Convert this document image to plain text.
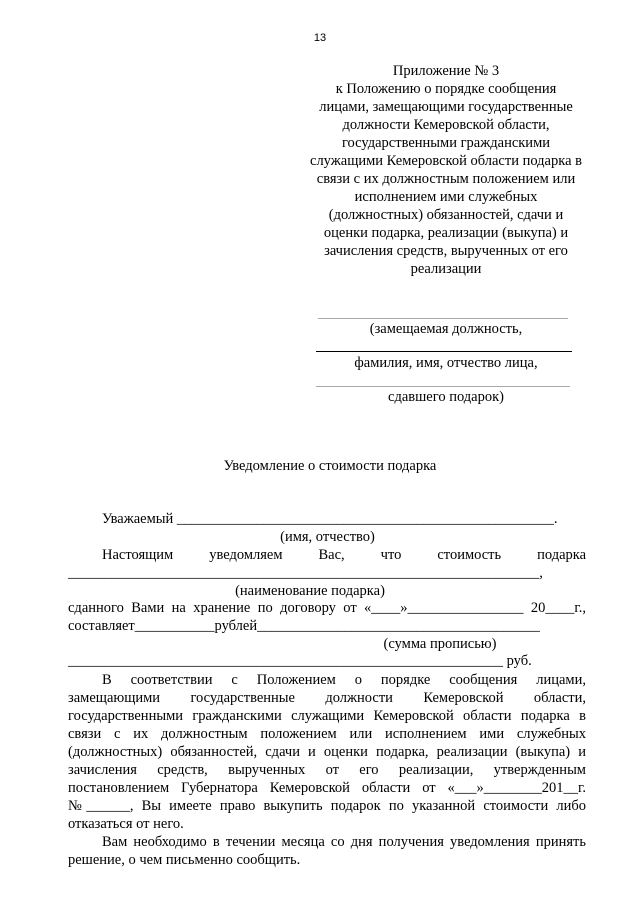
13
Приложение № 3
к Положению о порядке сообщения
лицами, замещающими государственные
должности Кемеровской области,
государственными гражданскими
служащими Кемеровской области подарка в
связи с их должностным положением или
исполнением ими служебных
(должностных) обязанностей, сдачи и
оценки подарка, реализации (выкупа) и
зачисления средств, вырученных от его
реализации
(замещаемая должность,
фамилия, имя, отчество лица,
сдавшего подарок)
Уведомление о стоимости подарка
Уважаемый ____________________________________________________.
(имя, отчество)
Настоящим уведомляем Вас, что стоимость подарка
_________________________________________________________________,
(наименование подарка)
сданного Вами на хранение по договору от «____»________________ 20____г.,
составляет___________рублей_______________________________________
(сумма прописью)
____________________________________________________________ руб.
В соответствии с Положением о порядке сообщения лицами,
замещающими государственные должности Кемеровской области,
государственными гражданскими служащими Кемеровской области подарка в
связи с их должностным положением или исполнением ими служебных
(должностных) обязанностей, сдачи и оценки подарка, реализации (выкупа) и
зачисления средств, вырученных от его реализации, утвержденным
постановлением Губернатора Кемеровской области от «___»________201__г.
№______, Вы имеете право выкупить подарок по указанной стоимости либо
отказаться от него.
Вам необходимо в течении месяца со дня получения уведомления принять
решение, о чем письменно сообщить.
